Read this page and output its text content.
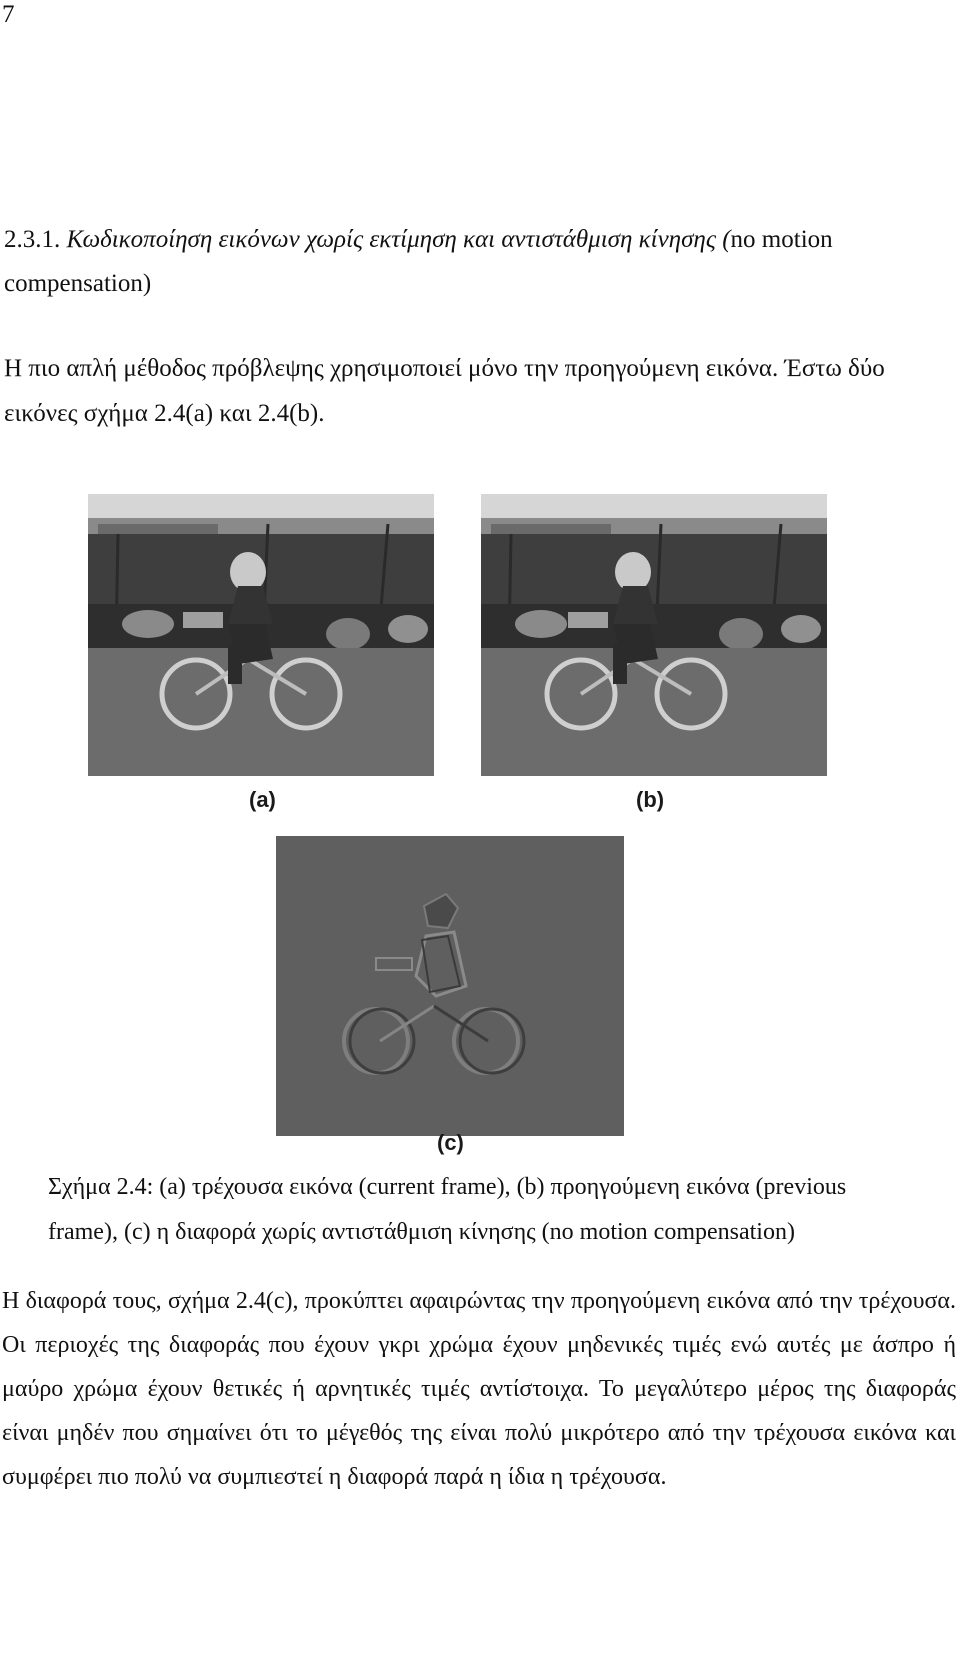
7
2.3.1. Κωδικοποίηση εικόνων χωρίς εκτίμηση και αντιστάθμιση κίνησης (no motion compensation)
Η πιο απλή μέθοδος πρόβλεψης χρησιμοποιεί μόνο την προηγούμενη εικόνα. Έστω δύο εικόνες σχήμα 2.4(a) και 2.4(b).
(a)	(b)
(c)
Σχήμα 2.4: (a) τρέχουσα εικόνα (current frame), (b) προηγούμενη εικόνα (previous frame), (c) η διαφορά χωρίς αντιστάθμιση κίνησης (no motion compensation)
Η διαφορά τους, σχήμα 2.4(c), προκύπτει αφαιρώντας την προηγούμενη εικόνα από την τρέχουσα. Οι περιοχές της διαφοράς που έχουν γκρι χρώμα έχουν μηδενικές τιμές ενώ αυτές με άσπρο ή μαύρο χρώμα έχουν θετικές ή αρνητικές τιμές αντίστοιχα. Το μεγαλύτερο μέρος της διαφοράς είναι μηδέν που σημαίνει ότι το μέγεθός της είναι πολύ μικρότερο από την τρέχουσα εικόνα και συμφέρει πιο πολύ να συμπιεστεί η διαφορά παρά η ίδια η τρέχουσα.
